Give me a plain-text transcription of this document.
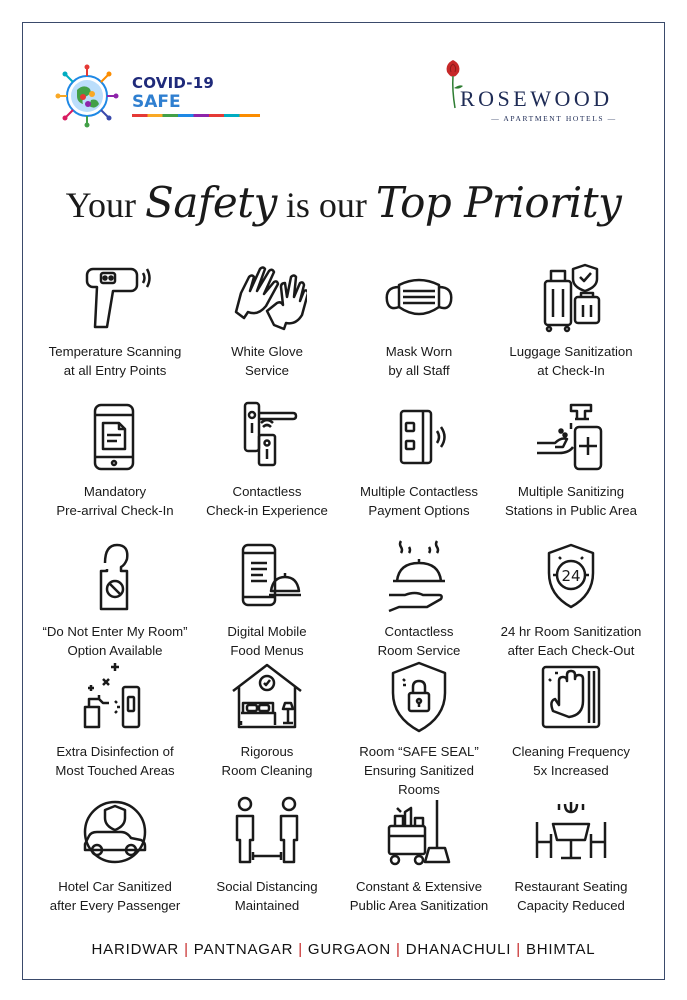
COVID-19
SAFE	ROSEWOOD
— APARTMENT HOTELS —
Your Safety is our Top Priority
Temperature Scanning
at all Entry Points
White Glove
Service
Mask Worn
by all Staff
Luggage Sanitization
at Check-In
Mandatory
Pre-arrival Check-In
Contactless
Check-in Experience
Multiple Contactless
Payment Options
Multiple Sanitizing
Stations in Public Area
“Do Not Enter My Room”
Option Available
Digital Mobile
Food Menus
Contactless
Room Service
24
24 hr Room Sanitization
after Each Check-Out
Extra Disinfection of
Most Touched Areas
Rigorous
Room Cleaning
Room “SAFE SEAL”
Ensuring Sanitized Rooms
Cleaning Frequency
5x Increased
Hotel Car Sanitized
after Every Passenger
Social Distancing
Maintained
Constant & Extensive
Public Area Sanitization
Restaurant Seating
Capacity Reduced
HARIDWAR | PANTNAGAR | GURGAON | DHANACHULI | BHIMTAL
